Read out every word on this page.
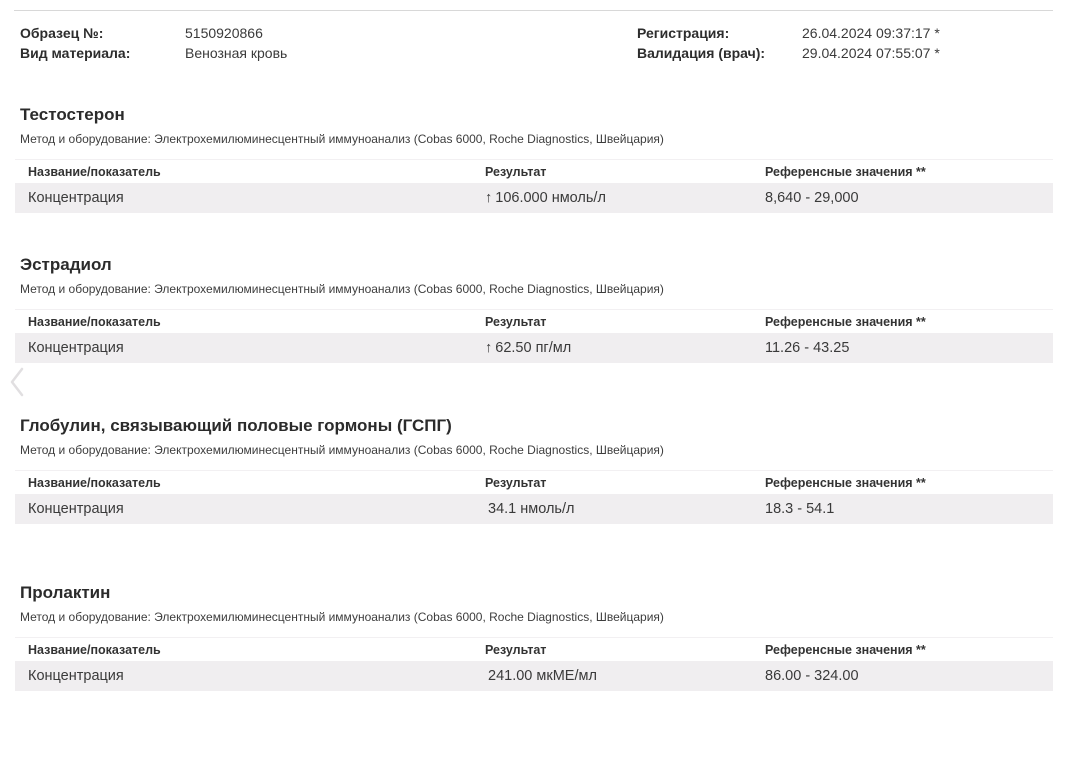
Образец №:	5150920866	Регистрация:	26.04.2024 09:37:17 *
Вид материала:	Венозная кровь	Валидация (врач):	29.04.2024 07:55:07 *
Тестостерон

Метод и оборудование: Электрохемилюминесцентный иммуноанализ (Cobas 6000, Roche Diagnostics, Швейцария)

Название/показатель	Результат	Референсные значения **
Концентрация	↑ 106.000 нмоль/л	8,640 - 29,000
Эстрадиол

Метод и оборудование: Электрохемилюминесцентный иммуноанализ (Cobas 6000, Roche Diagnostics, Швейцария)

Название/показатель	Результат	Референсные значения **
Концентрация	↑ 62.50 пг/мл	11.26 - 43.25
Глобулин, связывающий половые гормоны (ГСПГ)

Метод и оборудование: Электрохемилюминесцентный иммуноанализ (Cobas 6000, Roche Diagnostics, Швейцария)

Название/показатель	Результат	Референсные значения **
Концентрация	34.1 нмоль/л	18.3 - 54.1
Пролактин

Метод и оборудование: Электрохемилюминесцентный иммуноанализ (Cobas 6000, Roche Diagnostics, Швейцария)

Название/показатель	Результат	Референсные значения **
Концентрация	241.00 мкМЕ/мл	86.00 - 324.00
